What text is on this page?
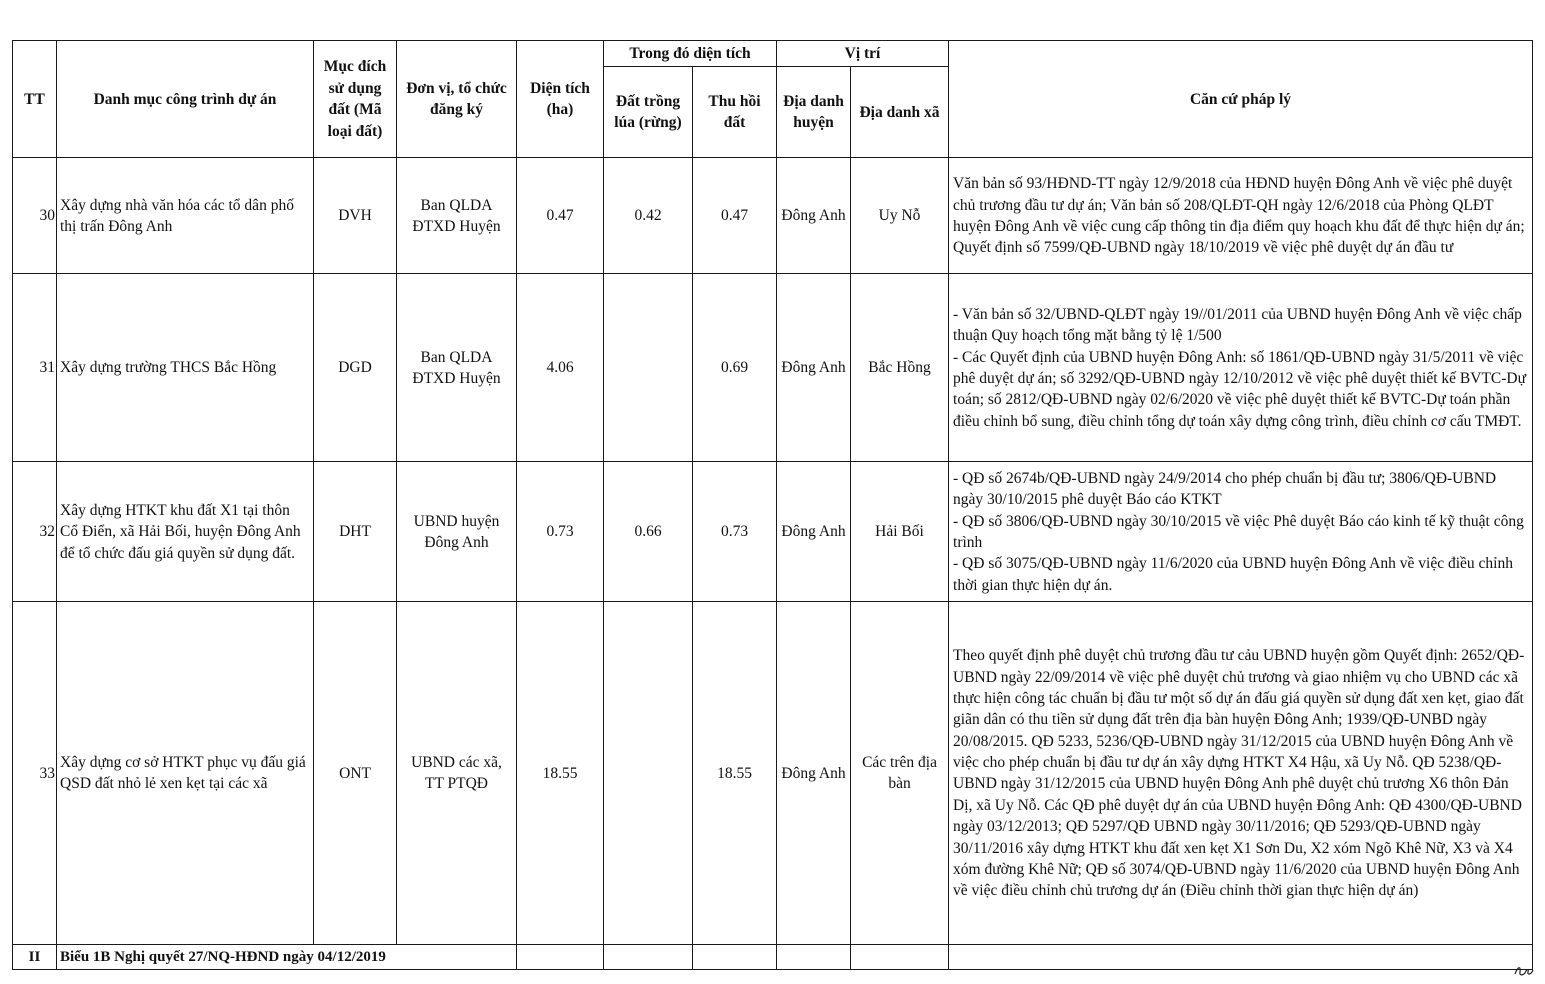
TT	Danh mục công trình dự án	Mục đích sử dụng đất (Mã loại đất)	Đơn vị, tổ chức đăng ký	Diện tích (ha)	Trong đó diện tích		Vị trí		Căn cứ pháp lý
					Đất trồng lúa (rừng)	Thu hồi đất	Địa danh huyện	Địa danh xã	
30	Xây dựng nhà văn hóa các tổ dân phố thị trấn Đông Anh	DVH	Ban QLDA ĐTXD Huyện	0.47	0.42	0.47	Đông Anh	Uy Nỗ	Văn bản số 93/HĐND-TT ngày 12/9/2018 của HĐND huyện Đông Anh về việc phê duyệt chủ trương đầu tư dự án; Văn bản số 208/QLĐT-QH ngày 12/6/2018 của Phòng QLĐT huyện Đông Anh về việc cung cấp thông tin địa điểm quy hoạch khu đất để thực hiện dự án; Quyết định số 7599/QĐ-UBND ngày 18/10/2019 về việc phê duyệt dự án đầu tư

31	Xây dựng trường THCS Bắc Hồng	DGD	Ban QLDA ĐTXD Huyện	4.06		0.69	Đông Anh	Bắc Hồng	- Văn bản số 32/UBND-QLĐT ngày 19//01/2011 của UBND huyện Đông Anh về việc chấp thuận Quy hoạch tổng mặt bằng tỷ lệ 1/500
- Các Quyết định của UBND huyện Đông Anh: số 1861/QĐ-UBND ngày 31/5/2011 về việc phê duyệt dự án; số 3292/QĐ-UBND ngày 12/10/2012 về việc phê duyệt thiết kế BVTC-Dự toán; số 2812/QĐ-UBND ngày 02/6/2020 về việc phê duyệt thiết kế BVTC-Dự toán phần điều chỉnh bổ sung, điều chỉnh tổng dự toán xây dựng công trình, điều chỉnh cơ cấu TMĐT.

32	Xây dựng HTKT khu đất X1 tại thôn Cổ Điển, xã Hải Bối, huyện Đông Anh để tổ chức đấu giá quyền sử dụng đất.	DHT	UBND huyện Đông Anh	0.73	0.66	0.73	Đông Anh	Hải Bối	- QĐ số 2674b/QĐ-UBND ngày 24/9/2014 cho phép chuẩn bị đầu tư; 3806/QĐ-UBND ngày 30/10/2015 phê duyệt Báo cáo KTKT
- QĐ số 3806/QĐ-UBND ngày 30/10/2015 về việc Phê duyệt Báo cáo kinh tế kỹ thuật công trình
- QĐ số 3075/QĐ-UBND ngày 11/6/2020 của UBND huyện Đông Anh về việc điều chỉnh thời gian thực hiện dự án.

33	Xây dựng cơ sở HTKT phục vụ đấu giá QSD đất nhỏ lẻ xen kẹt tại các xã	ONT	UBND các xã, TT PTQĐ	18.55		18.55	Đông Anh	Các trên địa bàn	Theo quyết định phê duyệt chủ trương đầu tư cảu UBND huyện gồm Quyết định: 2652/QĐ-UBND ngày 22/09/2014 về việc phê duyệt chủ trương và giao nhiệm vụ cho UBND các xã thực hiện công tác chuẩn bị đầu tư một số dự án đấu giá quyền sử dụng đất xen kẹt, giao đất giãn dân có thu tiền sử dụng đất trên địa bàn huyện Đông Anh; 1939/QĐ-UNBD ngày 20/08/2015. QĐ 5233, 5236/QĐ-UBND ngày 31/12/2015 của UBND huyện Đông Anh về việc cho phép chuẩn bị đầu tư dự án xây dựng HTKT X4 Hậu, xã Uy Nỗ. QĐ 5238/QĐ-UBND ngày 31/12/2015 của UBND huyện Đông Anh phê duyệt chủ trương X6 thôn Đản Dị, xã Uy Nỗ. Các QĐ phê duyệt dự án của UBND huyện Đông Anh: QĐ 4300/QĐ-UBND ngày 03/12/2013; QĐ 5297/QĐ UBND ngày 30/11/2016; QĐ 5293/QĐ-UBND ngày 30/11/2016 xây dựng HTKT khu đất xen kẹt X1 Sơn Du, X2 xóm Ngõ Khê Nữ, X3 và X4 xóm đường Khê Nữ; QĐ số 3074/QĐ-UBND ngày 11/6/2020 của UBND huyện Đông Anh về việc điều chỉnh chủ trương dự án (Điều chỉnh thời gian thực hiện dự án)

II	Biểu 1B Nghị quyết 27/NQ-HĐND ngày 04/12/2019								
